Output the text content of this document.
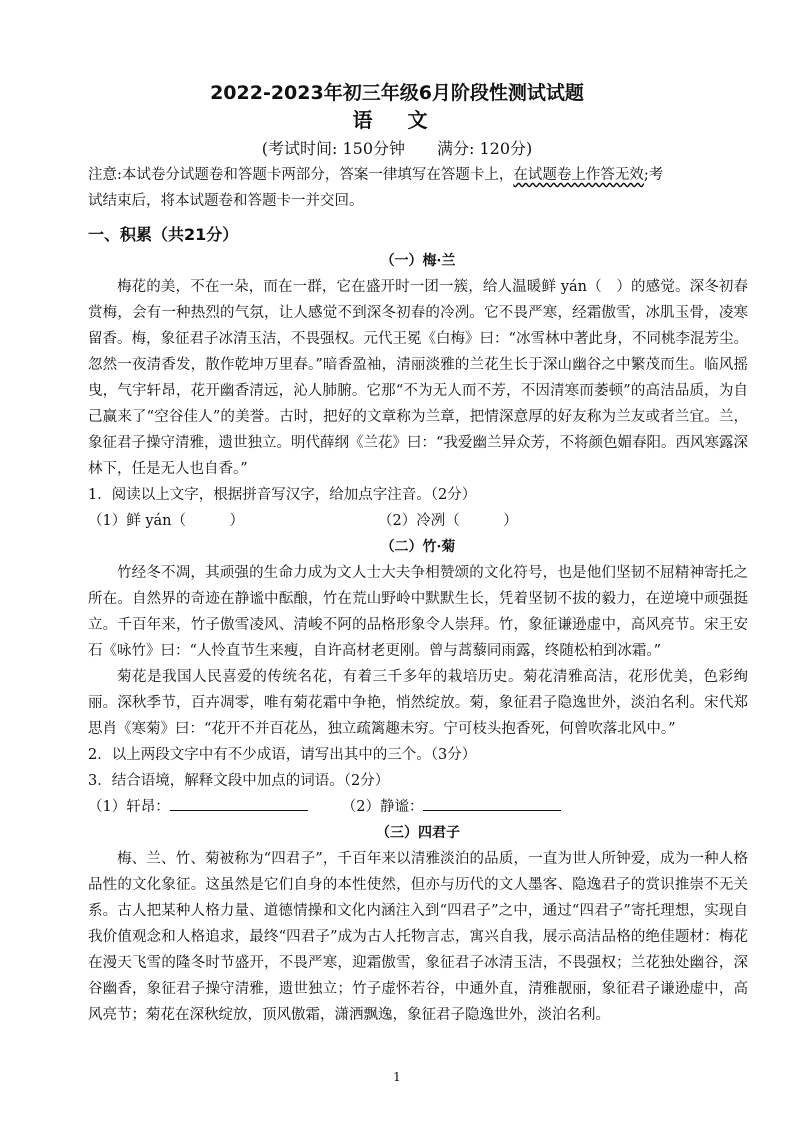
2022-2023年初三年级6月阶段性测试试题
语 文
(考试时间: 150分钟　　满分: 120分)

注意:本试卷分试题卷和答题卡两部分，答案一律填写在答题卡上，在试题卷上作答无效;考

试结束后，将本试题卷和答题卡一并交回。

一、积累（共21分）

（一）梅·兰

梅花的美，不在一朵，而在一群，它在盛开时一团一簇，给人温暖鲜 yán（　）的感觉。深冬初春赏梅，会有一种热烈的气氛，让人感觉不到深冬初春的冷冽。它不畏严寒，经霜傲雪，冰肌玉骨，凌寒留香。梅，象征君子冰清玉洁，不畏强权。元代王冕《白梅》曰：“冰雪林中著此身，不同桃李混芳尘。忽然一夜清香发，散作乾坤万里春。”暗香盈袖，清丽淡雅的兰花生长于深山幽谷之中繁茂而生。临风摇曳，气宇轩昂，花开幽香清远，沁人肺腑。它那“不为无人而不芳，不因清寒而萎顿”的高洁品质，为自己赢来了“空谷佳人”的美誉。古时，把好的文章称为兰章，把情深意厚的好友称为兰友或者兰宜。兰，象征君子操守清雅，遗世独立。明代薛纲《兰花》曰：“我爱幽兰异众芳，不将颜色媚春阳。西风寒露深林下，任是无人也自香。”

1．阅读以上文字，根据拼音写汉字，给加点字注音。（2分）

（1）鲜 yán（　　　）	（2）冷冽（　　　）

（二）竹·菊

竹经冬不凋，其顽强的生命力成为文人士大夫争相赞颂的文化符号，也是他们坚韧不屈精神寄托之所在。自然界的奇迹在静谧中酝酿，竹在荒山野岭中默默生长，凭着坚韧不拔的毅力，在逆境中顽强挺立。千百年来，竹子傲雪凌风、清峻不阿的品格形象令人崇拜。竹，象征谦逊虚中，高风亮节。宋王安石《咏竹》曰：“人怜直节生来瘦，自许高材老更刚。曾与蒿藜同雨露，终随松柏到冰霜。”

菊花是我国人民喜爱的传统名花，有着三千多年的栽培历史。菊花清雅高洁，花形优美，色彩绚丽。深秋季节，百卉凋零，唯有菊花霜中争艳，悄然绽放。菊，象征君子隐逸世外，淡泊名利。宋代郑思肖《寒菊》曰：“花开不并百花丛，独立疏篱趣未穷。宁可枝头抱香死，何曾吹落北风中。”

2．以上两段文字中有不少成语，请写出其中的三个。（3分）

3．结合语境，解释文段中加点的词语。（2分）

（1）轩昂：	（2）静谧：

（三）四君子

梅、兰、竹、菊被称为“四君子”，千百年来以清雅淡泊的品质，一直为世人所钟爱，成为一种人格品性的文化象征。这虽然是它们自身的本性使然，但亦与历代的文人墨客、隐逸君子的赏识推崇不无关系。古人把某种人格力量、道德情操和文化内涵注入到“四君子”之中，通过“四君子”寄托理想，实现自我价值观念和人格追求，最终“四君子”成为古人托物言志，寓兴自我，展示高洁品格的绝佳题材：梅花在漫天飞雪的隆冬时节盛开，不畏严寒，迎霜傲雪，象征君子冰清玉洁，不畏强权；兰花独处幽谷，深谷幽香，象征君子操守清雅，遗世独立；竹子虚怀若谷，中通外直，清雅靓丽，象征君子谦逊虚中，高风亮节；菊花在深秋绽放，顶风傲霜，潇洒飘逸，象征君子隐逸世外，淡泊名利。

1
